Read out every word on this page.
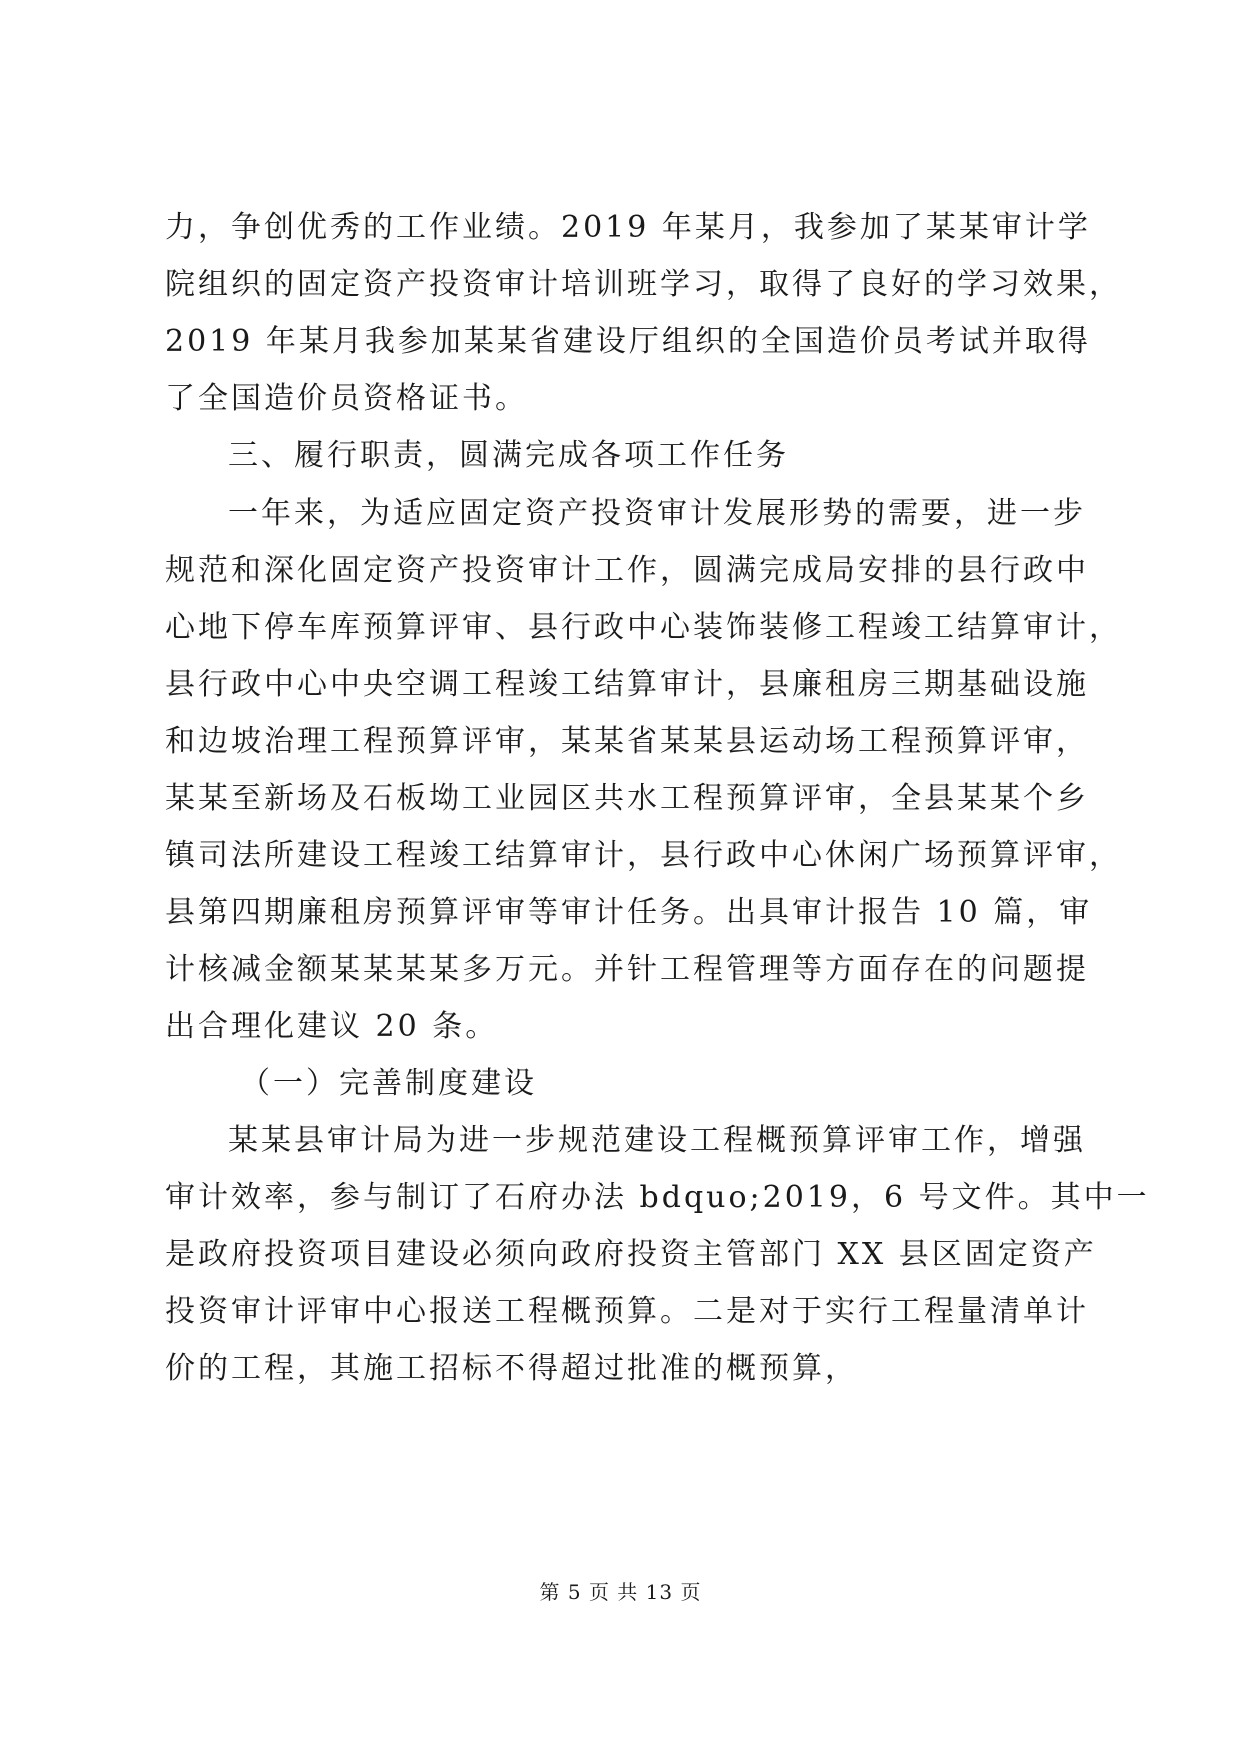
力，争创优秀的工作业绩。2019 年某月，我参加了某某审计学
院组织的固定资产投资审计培训班学习，取得了良好的学习效果，
2019 年某月我参加某某省建设厅组织的全国造价员考试并取得
了全国造价员资格证书。
三、履行职责，圆满完成各项工作任务
一年来，为适应固定资产投资审计发展形势的需要，进一步
规范和深化固定资产投资审计工作，圆满完成局安排的县行政中
心地下停车库预算评审、县行政中心装饰装修工程竣工结算审计，
县行政中心中央空调工程竣工结算审计，县廉租房三期基础设施
和边坡治理工程预算评审，某某省某某县运动场工程预算评审，
某某至新场及石板坳工业园区共水工程预算评审，全县某某个乡
镇司法所建设工程竣工结算审计，县行政中心休闲广场预算评审，
县第四期廉租房预算评审等审计任务。出具审计报告 10 篇，审
计核减金额某某某某多万元。并针工程管理等方面存在的问题提
出合理化建议 20 条。
（一）完善制度建设
某某县审计局为进一步规范建设工程概预算评审工作，增强
审计效率，参与制订了石府办法 bdquo;2019，6 号文件。其中一
是政府投资项目建设必须向政府投资主管部门 XX 县区固定资产
投资审计评审中心报送工程概预算。二是对于实行工程量清单计
价的工程，其施工招标不得超过批准的概预算，
第 5 页 共 13 页
